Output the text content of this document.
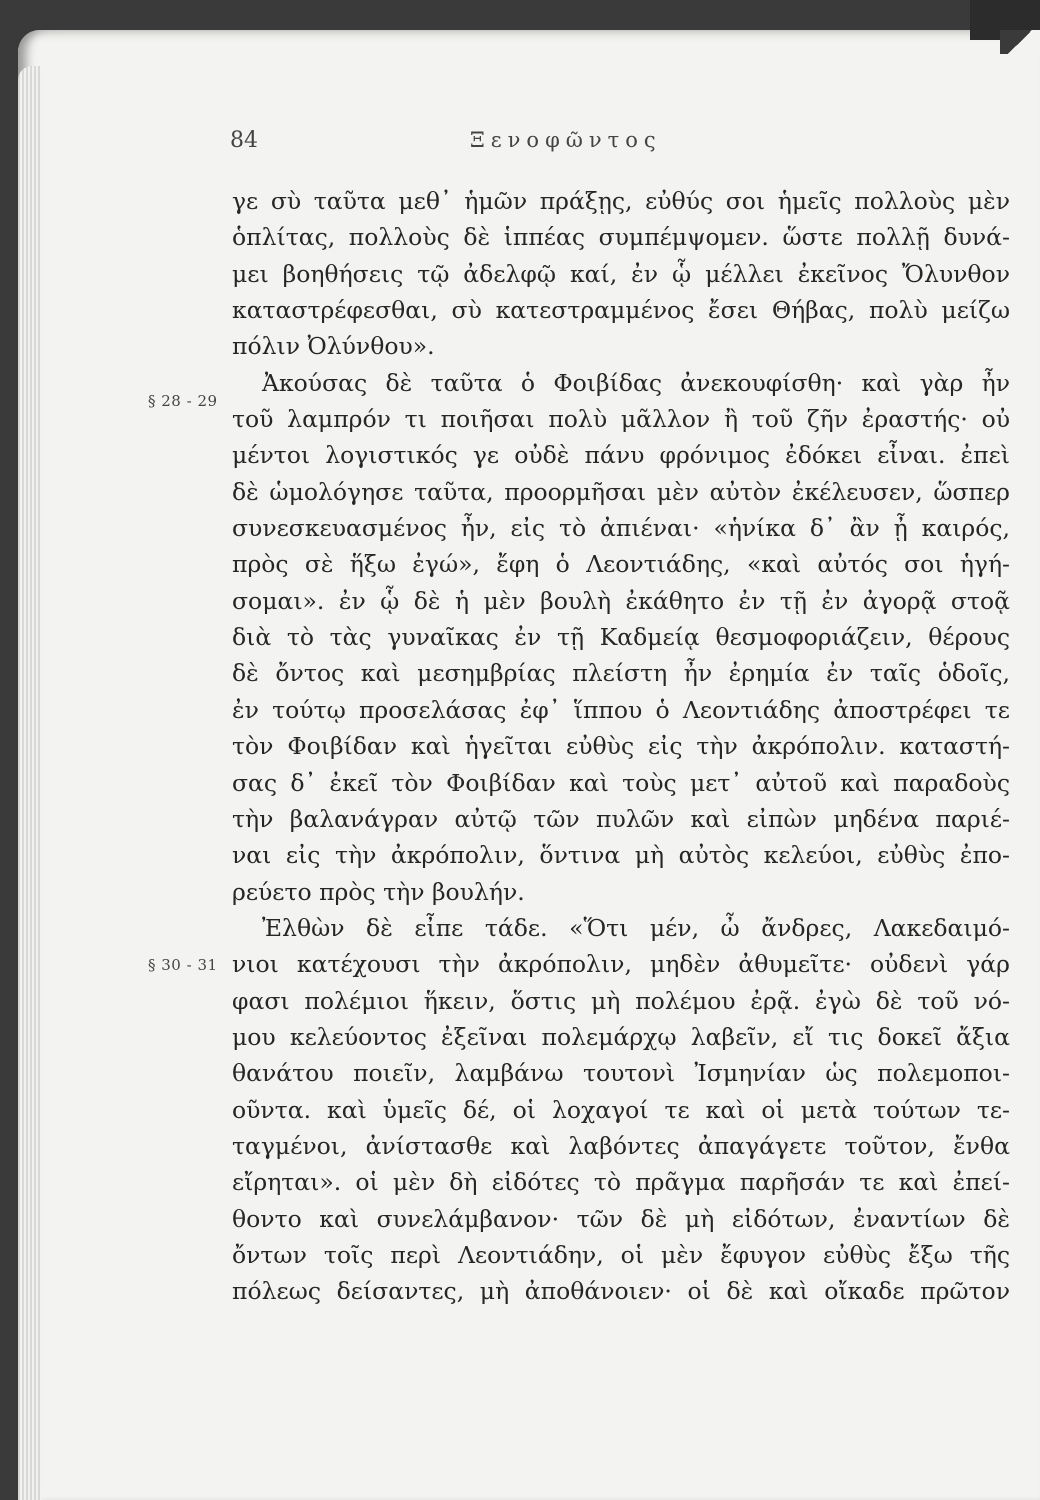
84	Ξενοφῶντος
§ 28 - 29
§ 30 - 31
γε σὺ ταῦτα μεθ᾽ ἡμῶν πράξῃς, εὐθύς σοι ἡμεῖς πολλοὺς μὲν
ὁπλίτας, πολλοὺς δὲ ἱππέας συμπέμψομεν. ὥστε πολλῇ δυνά-
μει βοηθήσεις τῷ ἀδελφῷ καί, ἐν ᾧ μέλλει ἐκεῖνος Ὄλυνθον
καταστρέφεσθαι, σὺ κατεστραμμένος ἔσει Θήβας, πολὺ μείζω
πόλιν Ὀλύνθου».
Ἀκούσας δὲ ταῦτα ὁ Φοιβίδας ἀνεκουφίσθη· καὶ γὰρ ἦν
τοῦ λαμπρόν τι ποιῆσαι πολὺ μᾶλλον ἢ τοῦ ζῆν ἐραστής· οὐ
μέντοι λογιστικός γε οὐδὲ πάνυ φρόνιμος ἐδόκει εἶναι. ἐπεὶ
δὲ ὡμολόγησε ταῦτα, προορμῆσαι μὲν αὐτὸν ἐκέλευσεν, ὥσπερ
συνεσκευασμένος ἦν, εἰς τὸ ἀπιέναι· «ἡνίκα δ᾽ ἂν ᾖ καιρός,
πρὸς σὲ ἥξω ἐγώ», ἔφη ὁ Λεοντιάδης, «καὶ αὐτός σοι ἡγή-
σομαι». ἐν ᾧ δὲ ἡ μὲν βουλὴ ἐκάθητο ἐν τῇ ἐν ἀγορᾷ στοᾷ
διὰ τὸ τὰς γυναῖκας ἐν τῇ Καδμείᾳ θεσμοφοριάζειν, θέρους
δὲ ὄντος καὶ μεσημβρίας πλείστη ἦν ἐρημία ἐν ταῖς ὁδοῖς,
ἐν τούτῳ προσελάσας ἐφ᾽ ἵππου ὁ Λεοντιάδης ἀποστρέφει τε
τὸν Φοιβίδαν καὶ ἡγεῖται εὐθὺς εἰς τὴν ἀκρόπολιν. καταστή-
σας δ᾽ ἐκεῖ τὸν Φοιβίδαν καὶ τοὺς μετ᾽ αὐτοῦ καὶ παραδοὺς
τὴν βαλανάγραν αὐτῷ τῶν πυλῶν καὶ εἰπὼν μηδένα παριέ-
ναι εἰς τὴν ἀκρόπολιν, ὅντινα μὴ αὐτὸς κελεύοι, εὐθὺς ἐπο-
ρεύετο πρὸς τὴν βουλήν.
Ἐλθὼν δὲ εἶπε τάδε. «Ὅτι μέν, ὦ ἄνδρες, Λακεδαιμό-
νιοι κατέχουσι τὴν ἀκρόπολιν, μηδὲν ἀθυμεῖτε· οὐδενὶ γάρ
φασι πολέμιοι ἥκειν, ὅστις μὴ πολέμου ἐρᾷ. ἐγὼ δὲ τοῦ νό-
μου κελεύοντος ἐξεῖναι πολεμάρχῳ λαβεῖν, εἴ τις δοκεῖ ἄξια
θανάτου ποιεῖν, λαμβάνω τουτονὶ Ἰσμηνίαν ὡς πολεμοποι-
οῦντα. καὶ ὑμεῖς δέ, οἱ λοχαγοί τε καὶ οἱ μετὰ τούτων τε-
ταγμένοι, ἀνίστασθε καὶ λαβόντες ἀπαγάγετε τοῦτον, ἔνθα
εἴρηται». οἱ μὲν δὴ εἰδότες τὸ πρᾶγμα παρῆσάν τε καὶ ἐπεί-
θοντο καὶ συνελάμβανον· τῶν δὲ μὴ εἰδότων, ἐναντίων δὲ
ὄντων τοῖς περὶ Λεοντιάδην, οἱ μὲν ἔφυγον εὐθὺς ἔξω τῆς
πόλεως δείσαντες, μὴ ἀποθάνοιεν· οἱ δὲ καὶ οἴκαδε πρῶτον
